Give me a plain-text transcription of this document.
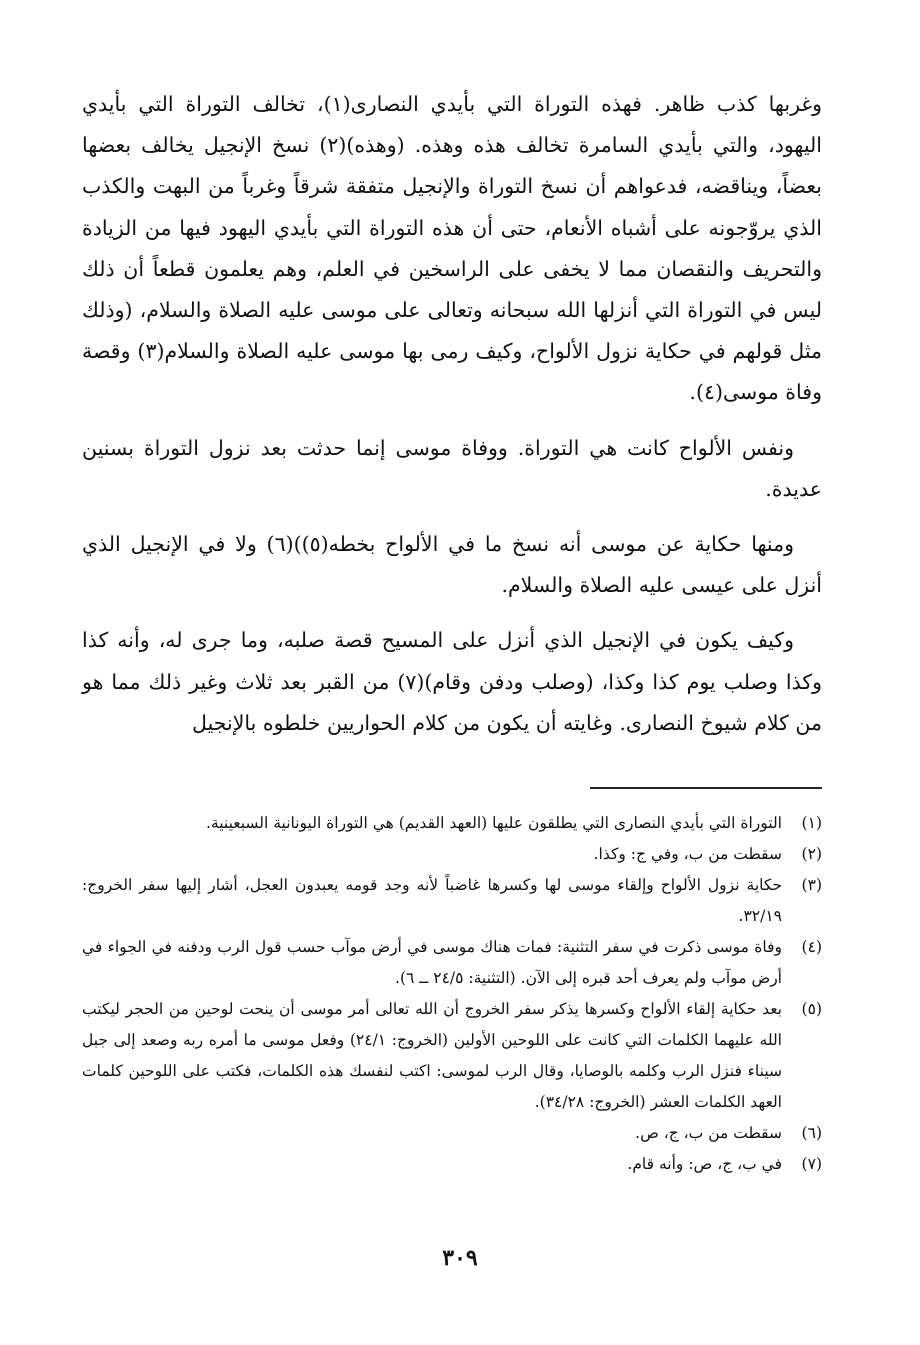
وغربها كذب ظاهر. فهذه التوراة التي بأيدي النصارى(١)، تخالف التوراة التي بأيدي اليهود، والتي بأيدي السامرة تخالف هذه وهذه. (وهذه)(٢) نسخ الإنجيل يخالف بعضها بعضاً، ويناقضه، فدعواهم أن نسخ التوراة والإنجيل متفقة شرقاً وغرباً من البهت والكذب الذي يروّجونه على أشباه الأنعام، حتى أن هذه التوراة التي بأيدي اليهود فيها من الزيادة والتحريف والنقصان مما لا يخفى على الراسخين في العلم، وهم يعلمون قطعاً أن ذلك ليس في التوراة التي أنزلها الله سبحانه وتعالى على موسى عليه الصلاة والسلام، (وذلك مثل قولهم في حكاية نزول الألواح، وكيف رمى بها موسى عليه الصلاة والسلام(٣) وقصة وفاة موسى(٤).

ونفس الألواح كانت هي التوراة. ووفاة موسى إنما حدثت بعد نزول التوراة بسنين عديدة.

ومنها حكاية عن موسى أنه نسخ ما في الألواح بخطه(٥))(٦) ولا في الإنجيل الذي أنزل على عيسى عليه الصلاة والسلام.

وكيف يكون في الإنجيل الذي أنزل على المسيح قصة صلبه، وما جرى له، وأنه كذا وكذا وصلب يوم كذا وكذا، (وصلب ودفن وقام)(٧) من القبر بعد ثلاث وغير ذلك مما هو من كلام شيوخ النصارى. وغايته أن يكون من كلام الحواريين خلطوه بالإنجيل

(١)
التوراة التي بأيدي النصارى التي يطلقون عليها (العهد القديم) هي التوراة اليونانية السبعينية.
(٢)
سقطت من ب، وفي ج: وكذا.
(٣)
حكاية نزول الألواح وإلقاء موسى لها وكسرها غاضباً لأنه وجد قومه يعبدون العجل، أشار إليها سفر الخروج: ٣٢/١٩.
(٤)
وفاة موسى ذكرت في سفر التثنية: فمات هناك موسى في أرض موآب حسب قول الرب ودفنه في الجواء في أرض موآب ولم يعرف أحد قبره إلى الآن. (التثنية: ٢٤/٥ ــ ٦).
(٥)
بعد حكاية إلقاء الألواح وكسرها يذكر سفر الخروج أن الله تعالى أمر موسى أن ينحت لوحين من الحجر ليكتب الله عليهما الكلمات التي كانت على اللوحين الأولين (الخروج: ٢٤/١) وفعل موسى ما أمره ربه وصعد إلى جبل سيناء فنزل الرب وكلمه بالوصايا، وقال الرب لموسى: اكتب لنفسك هذه الكلمات، فكتب على اللوحين كلمات العهد الكلمات العشر (الخروج: ٣٤/٢٨).
(٦)
سقطت من ب، ج، ص.
(٧)
في ب، ج، ص: وأنه قام.
٣٠٩
